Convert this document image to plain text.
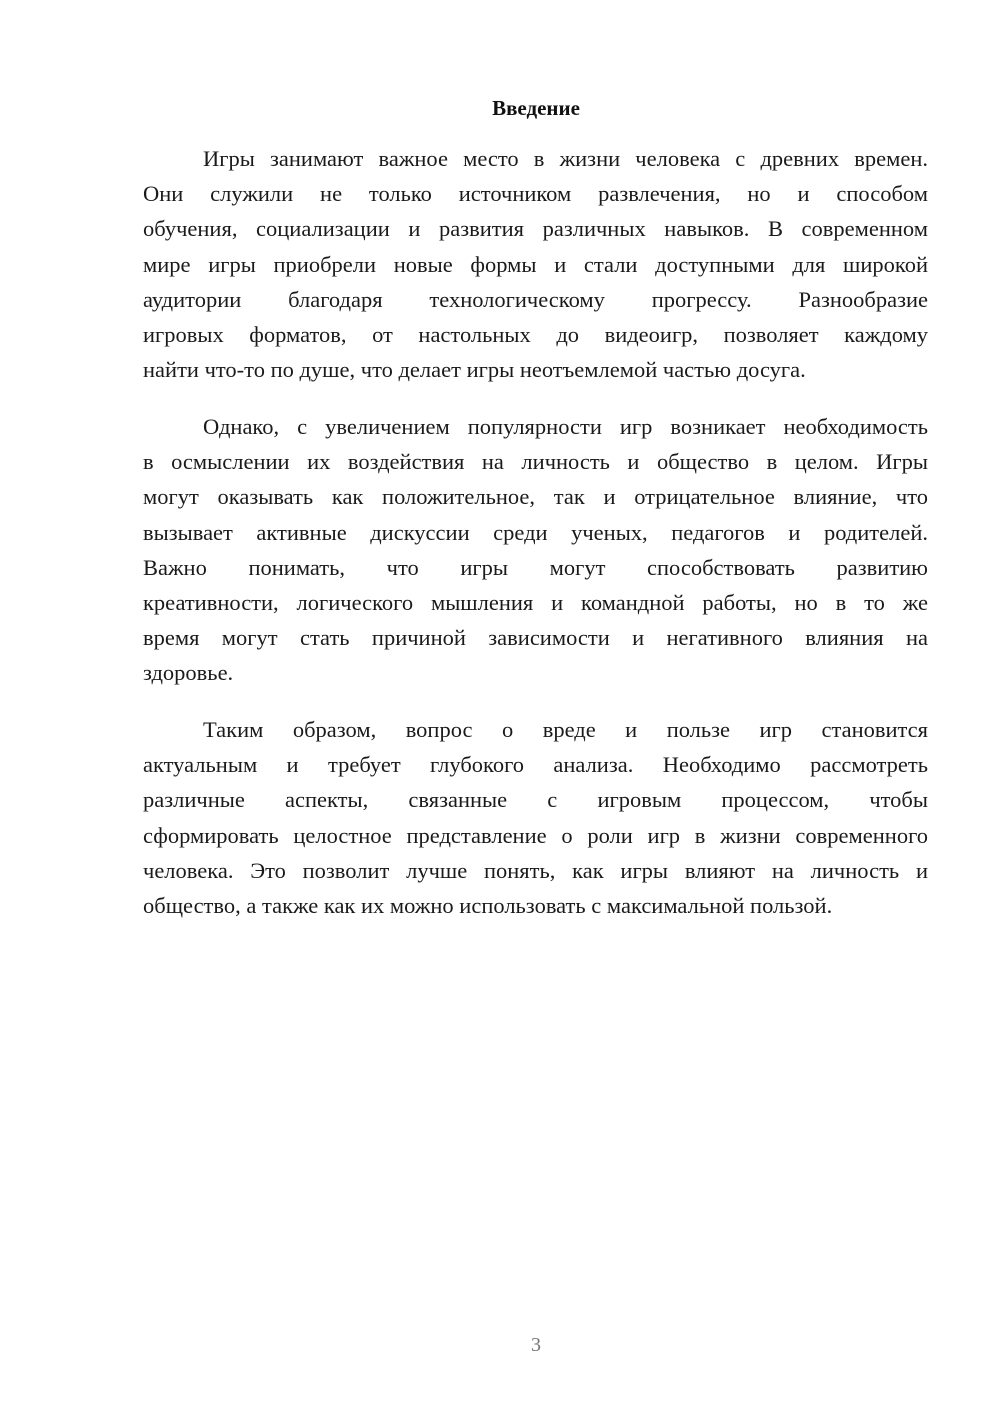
Введение
Игры занимают важное место в жизни человека с древних времен.
Они служили не только источником развлечения, но и способом
обучения, социализации и развития различных навыков. В современном
мире игры приобрели новые формы и стали доступными для широкой
аудитории благодаря технологическому прогрессу. Разнообразие
игровых форматов, от настольных до видеоигр, позволяет каждому
найти что-то по душе, что делает игры неотъемлемой частью досуга.
Однако, с увеличением популярности игр возникает необходимость
в осмыслении их воздействия на личность и общество в целом. Игры
могут оказывать как положительное, так и отрицательное влияние, что
вызывает активные дискуссии среди ученых, педагогов и родителей.
Важно понимать, что игры могут способствовать развитию
креативности, логического мышления и командной работы, но в то же
время могут стать причиной зависимости и негативного влияния на
здоровье.
Таким образом, вопрос о вреде и пользе игр становится
актуальным и требует глубокого анализа. Необходимо рассмотреть
различные аспекты, связанные с игровым процессом, чтобы
сформировать целостное представление о роли игр в жизни современного
человека. Это позволит лучше понять, как игры влияют на личность и
общество, а также как их можно использовать с максимальной пользой.
3
